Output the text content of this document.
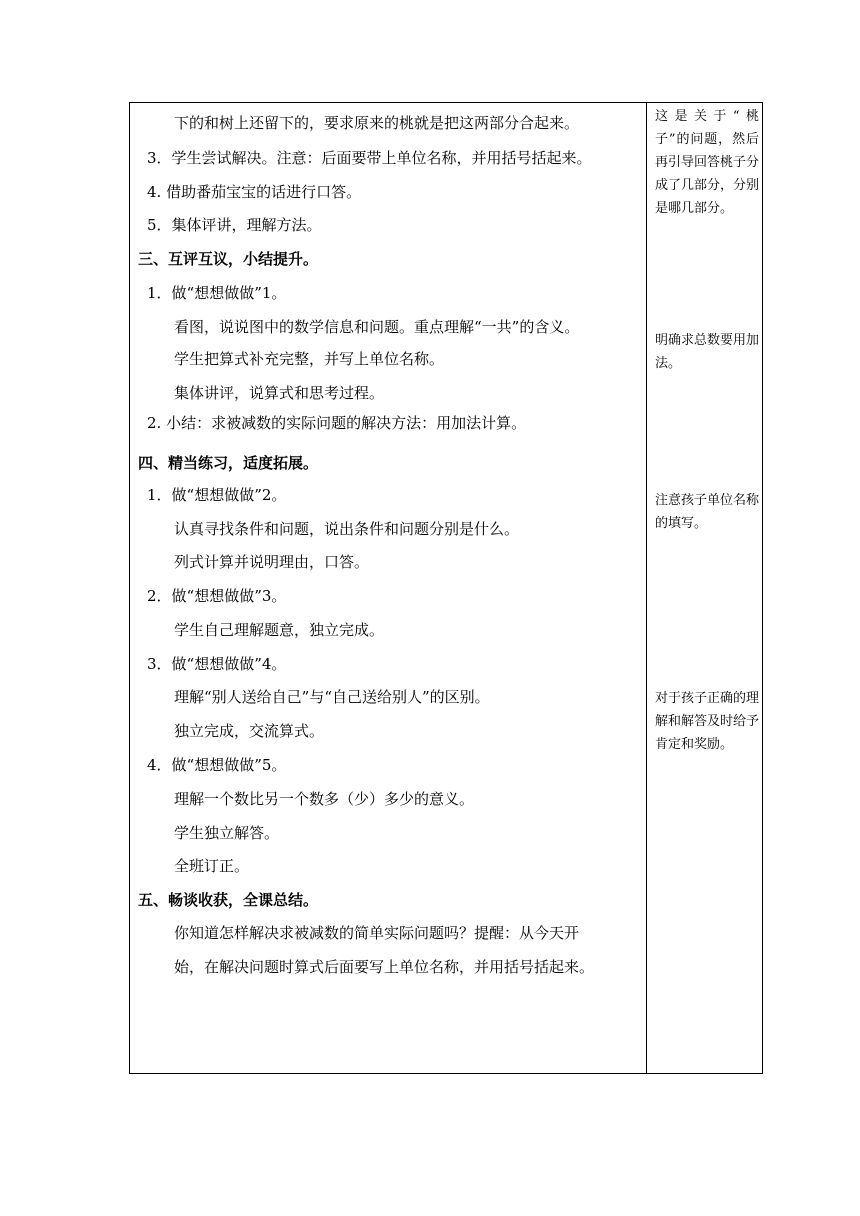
下的和树上还留下的，要求原来的桃就是把这两部分合起来。
3．学生尝试解决。注意：后面要带上单位名称，并用括号括起来。
4. 借助番茄宝宝的话进行口答。
5．集体评讲，理解方法。
三、互评互议，小结提升。
1．做“想想做做”1。
看图，说说图中的数学信息和问题。重点理解“一共”的含义。
学生把算式补充完整，并写上单位名称。
集体讲评，说算式和思考过程。
2. 小结：求被减数的实际问题的解决方法：用加法计算。
四、精当练习，适度拓展。
1．做“想想做做”2。
认真寻找条件和问题，说出条件和问题分别是什么。
列式计算并说明理由，口答。
2．做“想想做做”3。
学生自己理解题意，独立完成。
3．做“想想做做”4。
理解“别人送给自己”与“自己送给别人”的区别。
独立完成，交流算式。
4．做“想想做做”5。
理解一个数比另一个数多（少）多少的意义。
学生独立解答。
全班订正。
五、畅谈收获，全课总结。
你知道怎样解决求被减数的简单实际问题吗？提醒：从今天开
始，在解决问题时算式后面要写上单位名称，并用括号括起来。
这是关于“桃子”的问题，然后再引导回答桃子分成了几部分，分别是哪几部分。
明确求总数要用加法。
注意孩子单位名称的填写。
对于孩子正确的理解和解答及时给予肯定和奖励。
